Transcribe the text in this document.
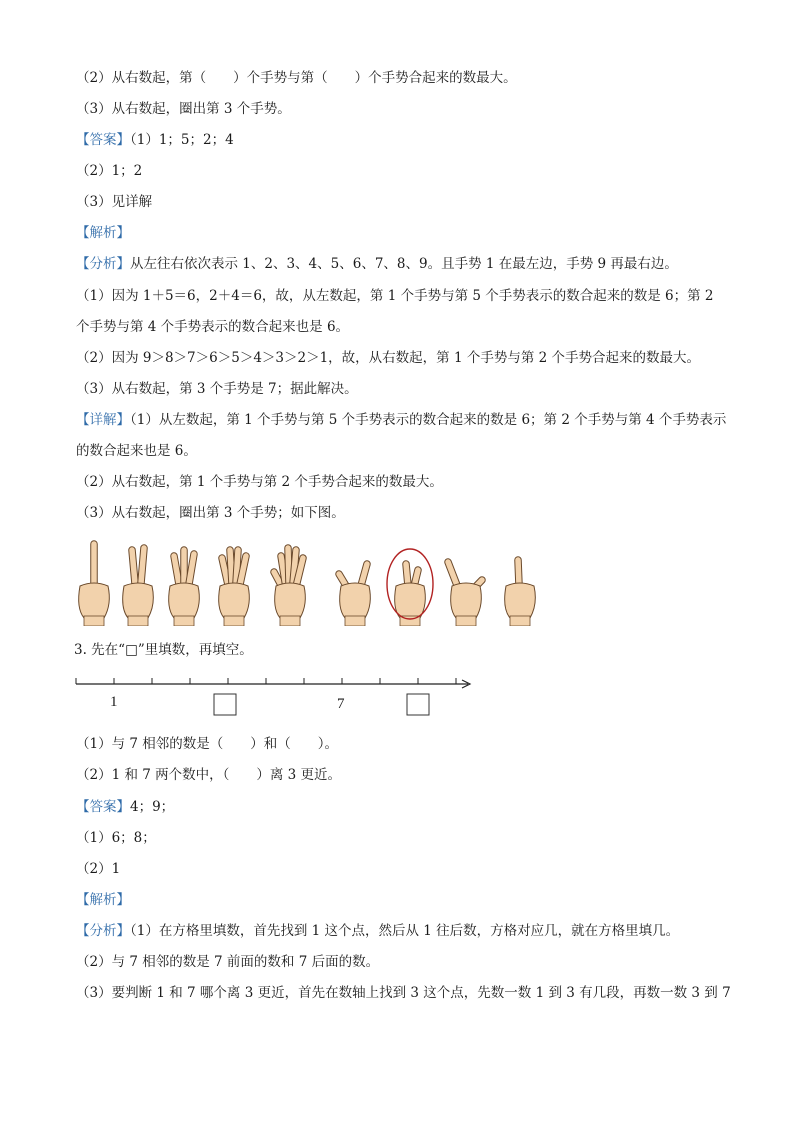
（2）从右数起，第（　　）个手势与第（　　）个手势合起来的数最大。
（3）从右数起，圈出第 3 个手势。
【答案】（1）1；5；2；4
（2）1；2
（3）见详解
【解析】
【分析】从左往右依次表示 1、2、3、4、5、6、7、8、9。且手势 1 在最左边，手势 9 再最右边。
（1）因为 1＋5＝6，2＋4＝6，故，从左数起，第 1 个手势与第 5 个手势表示的数合起来的数是 6；第 2
个手势与第 4 个手势表示的数合起来也是 6。
（2）因为 9＞8＞7＞6＞5＞4＞3＞2＞1，故，从右数起，第 1 个手势与第 2 个手势合起来的数最大。
（3）从右数起，第 3 个手势是 7；据此解决。
【详解】（1）从左数起，第 1 个手势与第 5 个手势表示的数合起来的数是 6；第 2 个手势与第 4 个手势表示
的数合起来也是 6。
（2）从右数起，第 1 个手势与第 2 个手势合起来的数最大。
（3）从右数起，圈出第 3 个手势；如下图。
3. 先在“□”里填数，再填空。
（1）与 7 相邻的数是（　　）和（　　）。
（2）1 和 7 两个数中，（　　）离 3 更近。
【答案】4；9；
（1）6；8；
（2）1
【解析】
【分析】（1）在方格里填数，首先找到 1 这个点，然后从 1 往后数，方格对应几，就在方格里填几。
（2）与 7 相邻的数是 7 前面的数和 7 后面的数。
（3）要判断 1 和 7 哪个离 3 更近，首先在数轴上找到 3 这个点，先数一数 1 到 3 有几段，再数一数 3 到 7
1	7
